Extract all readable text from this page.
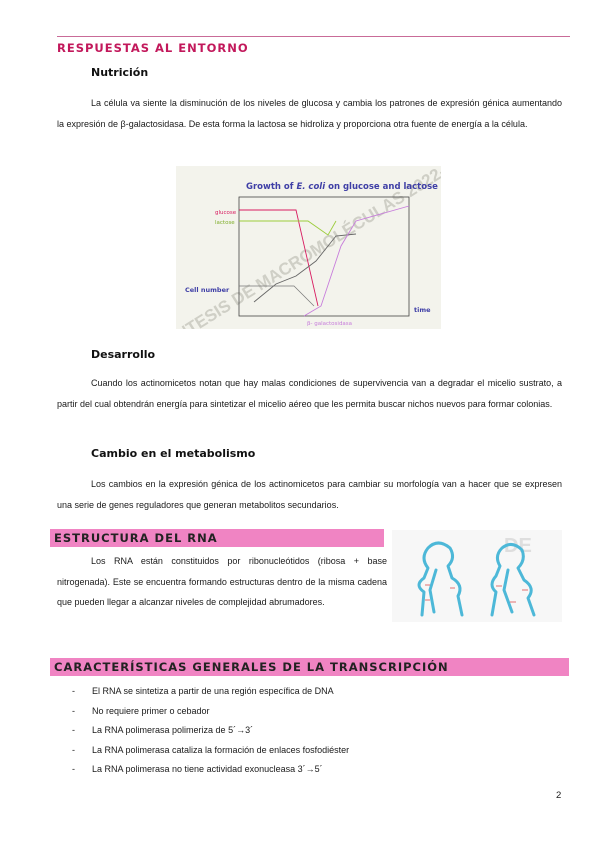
RESPUESTAS AL ENTORNO
Nutrición
La célula va siente la disminución de los niveles de glucosa y cambia los patrones de expresión génica aumentando la expresión de β-galactosidasa. De esta forma la lactosa se hidroliza y proporciona otra fuente de energía a la célula.
DE MACROMOLÉCULAS 2022-2023
Growth of E. coli on glucose and lactose
glucose
lactose
Cell number
time
β- galactosidasa
Desarrollo
Cuando los actinomicetos notan que hay malas condiciones de supervivencia van a degradar el micelio sustrato, a partir del cual obtendrán energía para sintetizar el micelio aéreo que les permita buscar nichos nuevos para formar colonias.
Cambio en el metabolismo
Los cambios en la expresión génica de los actinomicetos para cambiar su morfología van a hacer que se expresen una serie de genes reguladores que generan metabolitos secundarios.
ESTRUCTURA DEL RNA
Los RNA están constituidos por ribonucleótidos (ribosa + base nitrogenada). Este se encuentra formando estructuras dentro de la misma cadena que pueden llegar a alcanzar niveles de complejidad abrumadores.
DE
CARACTERÍSTICAS GENERALES DE LA TRANSCRIPCIÓN
- El RNA se sintetiza a partir de una región específica de DNA
- No requiere primer o cebador
- La RNA polimerasa polimeriza de 5´→3´
- La RNA polimerasa cataliza la formación de enlaces fosfodiéster
- La RNA polimerasa no tiene actividad exonucleasa 3´→5´
2
